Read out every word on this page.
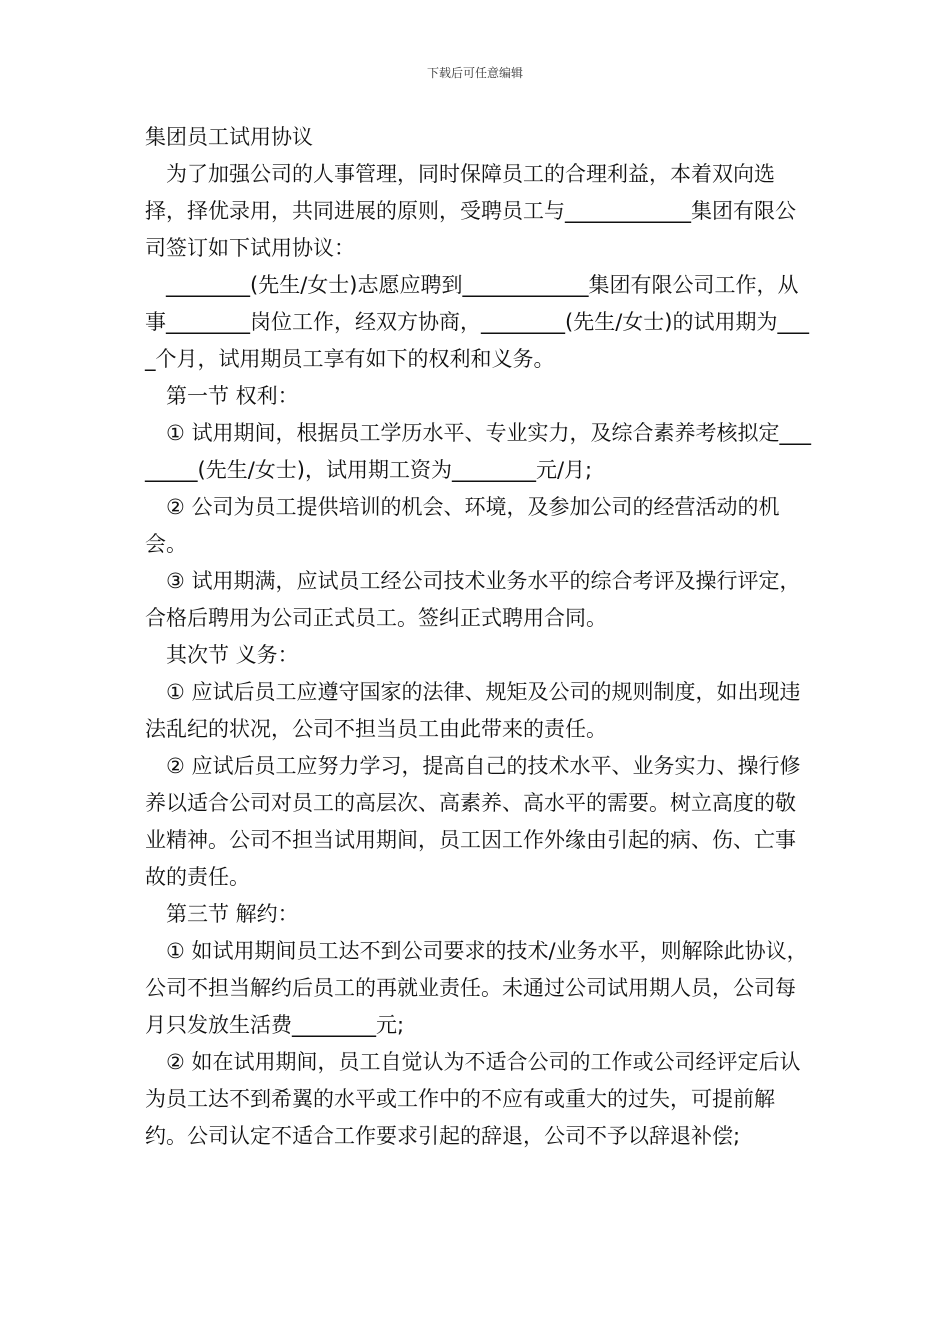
下载后可任意编辑

集团员工试用协议

为了加强公司的人事管理，同时保障员工的合理利益，本着双向选择，择优录用，共同进展的原则，受聘员工与____________集团有限公司签订如下试用协议：

________(先生/女士)志愿应聘到____________集团有限公司工作，从事________岗位工作，经双方协商，________(先生/女士)的试用期为____个月，试用期员工享有如下的权利和义务。

第一节 权利：

① 试用期间，根据员工学历水平、专业实力，及综合素养考核拟定________(先生/女士)，试用期工资为________元/月;

② 公司为员工提供培训的机会、环境，及参加公司的经营活动的机会。

③ 试用期满，应试员工经公司技术业务水平的综合考评及操行评定，合格后聘用为公司正式员工。签纠正式聘用合同。

其次节 义务：

① 应试后员工应遵守国家的法律、规矩及公司的规则制度，如出现违法乱纪的状况，公司不担当员工由此带来的责任。

② 应试后员工应努力学习，提高自己的技术水平、业务实力、操行修养以适合公司对员工的高层次、高素养、高水平的需要。树立高度的敬业精神。公司不担当试用期间，员工因工作外缘由引起的病、伤、亡事故的责任。

第三节 解约：

① 如试用期间员工达不到公司要求的技术/业务水平，则解除此协议，公司不担当解约后员工的再就业责任。未通过公司试用期人员，公司每月只发放生活费________元;

② 如在试用期间，员工自觉认为不适合公司的工作或公司经评定后认为员工达不到希翼的水平或工作中的不应有或重大的过失，可提前解约。公司认定不适合工作要求引起的辞退，公司不予以辞退补偿;
